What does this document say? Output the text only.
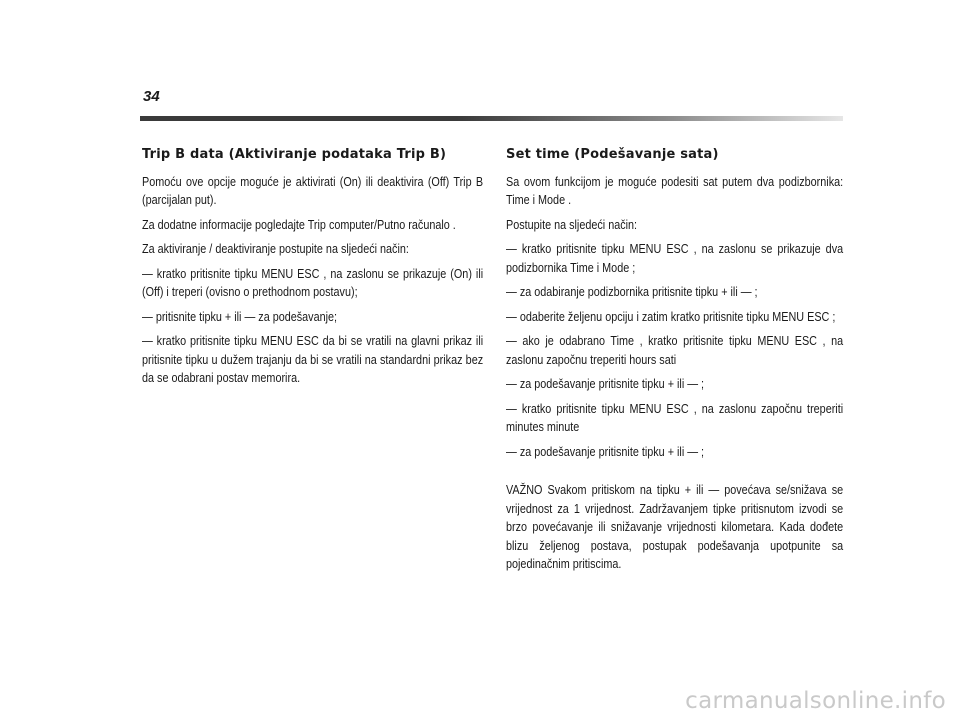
34
Trip B data (Aktiviranje podataka Trip B)
Pomoću ove opcije moguće je aktivirati (On) ili deaktivira (Off) Trip B (parcijalan put).
Za dodatne informacije pogledajte Trip computer/Putno računalo .
Za aktiviranje / deaktiviranje postupite na sljedeći način:
— kratko pritisnite tipku MENU ESC , na zaslonu se prikazuje (On) ili (Off) i treperi (ovisno o prethodnom postavu);
— pritisnite tipku + ili — za podešavanje;
— kratko pritisnite tipku MENU ESC da bi se vratili na glavni prikaz ili pritisnite tipku u dužem trajanju da bi se vratili na standardni prikaz bez da se odabrani postav memorira.
Set time (Podešavanje sata)
Sa ovom funkcijom je moguće podesiti sat putem dva podizbornika: Time i Mode .
Postupite na sljedeći način:
— kratko pritisnite tipku MENU ESC , na zaslonu se prikazuje dva podizbornika Time i Mode ;
— za odabiranje podizbornika pritisnite tipku + ili — ;
— odaberite željenu opciju i zatim kratko pritisnite tipku MENU ESC ;
— ako je odabrano Time , kratko pritisnite tipku MENU ESC , na zaslonu započnu treperiti hours sati
— za podešavanje pritisnite tipku + ili — ;
— kratko pritisnite tipku MENU ESC , na zaslonu započnu treperiti minutes minute
— za podešavanje pritisnite tipku + ili — ;
VAŽNO Svakom pritiskom na tipku + ili — povećava se/snižava se vrijednost za 1 vrijednost. Zadržavanjem tipke pritisnutom izvodi se brzo povećavanje ili snižavanje vrijednosti kilometara. Kada dođete blizu željenog postava, postupak podešavanja upotpunite sa pojedinačnim pritiscima.
carmanualsonline.info
